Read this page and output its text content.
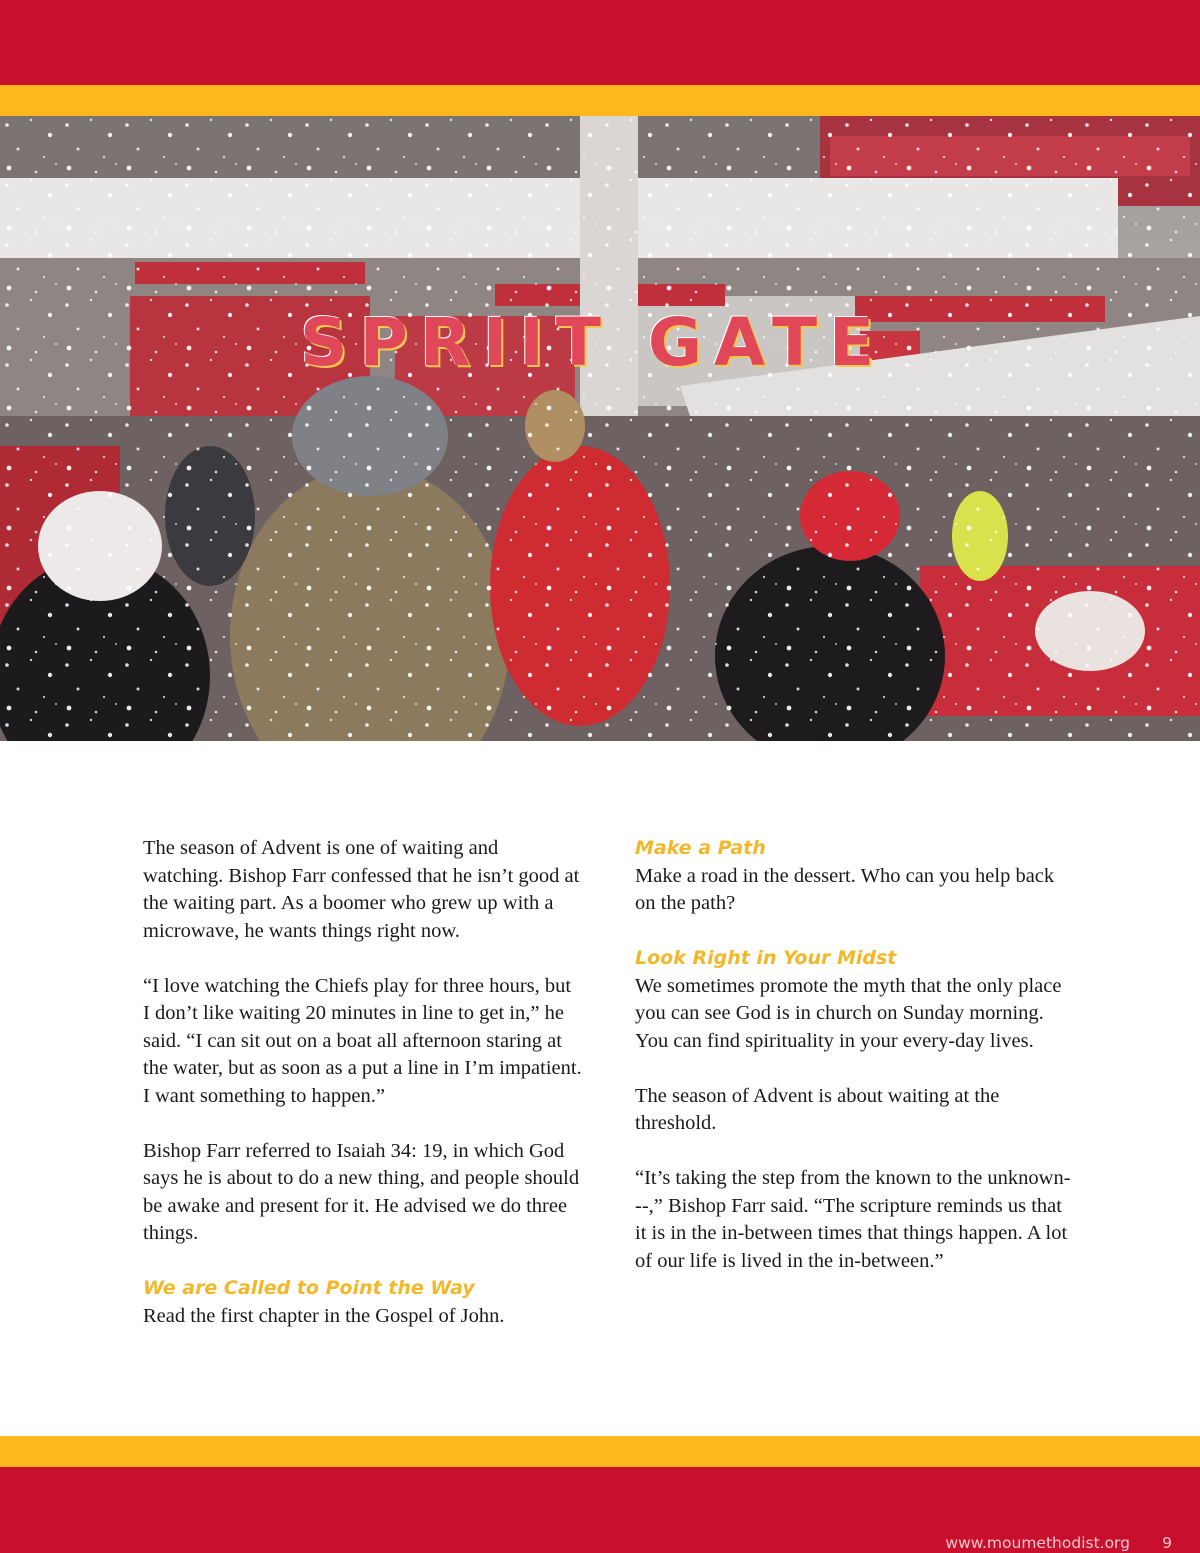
SPRIIT GATE

The season of Advent is one of waiting and watching. Bishop Farr confessed that he isn’t good at the waiting part. As a boomer who grew up with a microwave, he wants things right now.

“I love watching the Chiefs play for three hours, but I don’t like waiting 20 minutes in line to get in,” he said. “I can sit out on a boat all afternoon staring at the water, but as soon as a put a line in I’m impatient. I want something to happen.”

Bishop Farr referred to Isaiah 34: 19, in which God says he is about to do a new thing, and people should be awake and present for it. He advised we do three things.

We are Called to Point the Way

Read the first chapter in the Gospel of John.

Make a Path

Make a road in the dessert. Who can you help back on the path?

Look Right in Your Midst

We sometimes promote the myth that the only place you can see God is in church on Sunday morning. You can find spirituality in your every-day lives.

The season of Advent is about waiting at the threshold.

“It’s taking the step from the known to the unknown---,” Bishop Farr said. “The scripture reminds us that it is in the in-between times that things happen. A lot of our life is lived in the in-between.”

www.moumethodist.org 9
